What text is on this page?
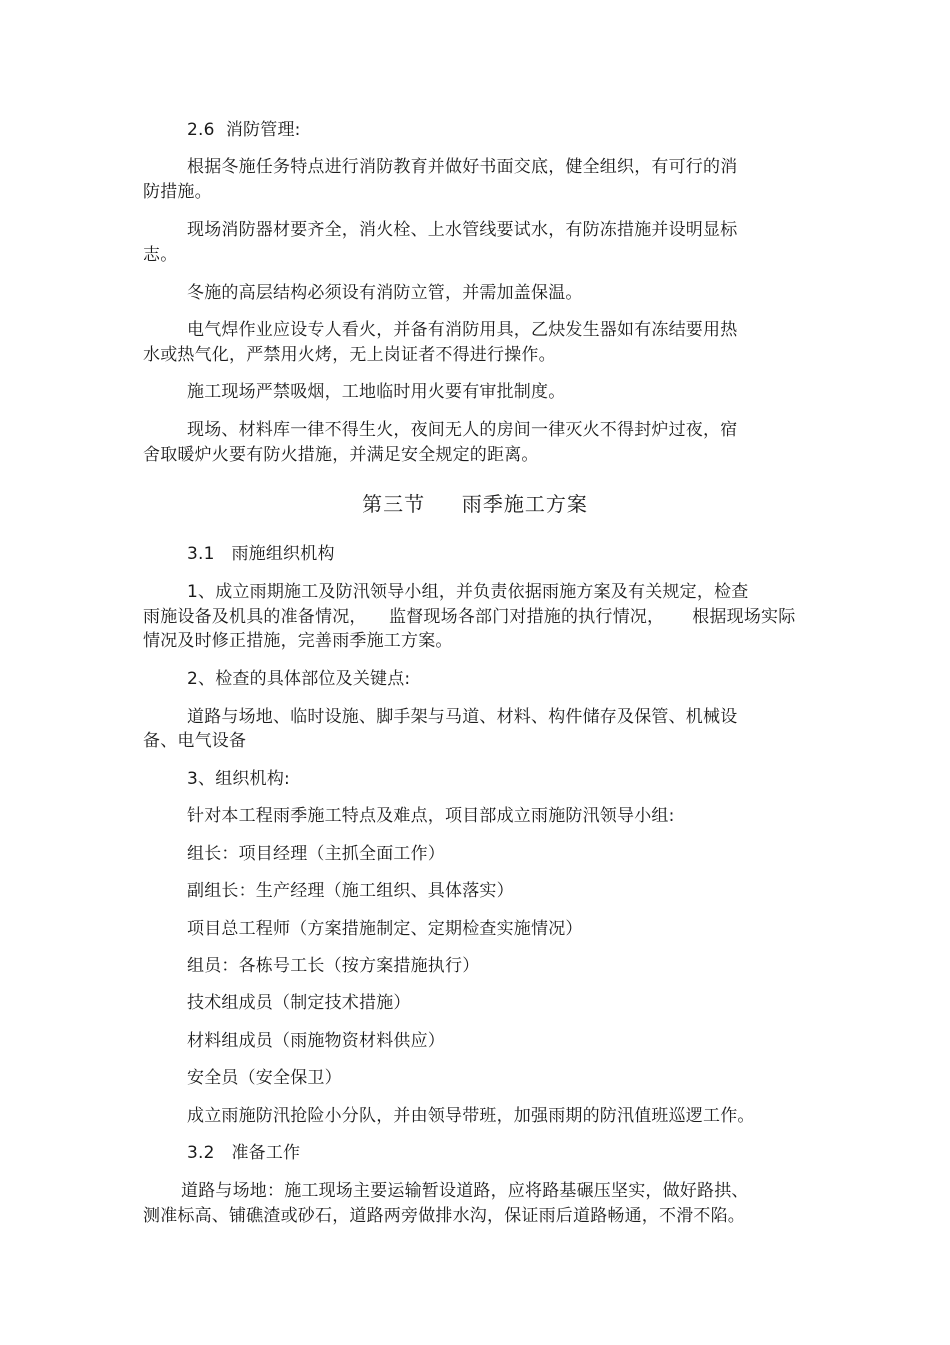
2.6  消防管理:
根据冬施任务特点进行消防教育并做好书面交底，健全组织，有可行的消
防措施。
现场消防器材要齐全，消火栓、上水管线要试水，有防冻措施并设明显标
志。
冬施的高层结构必须设有消防立管，并需加盖保温。
电气焊作业应设专人看火，并备有消防用具，乙炔发生器如有冻结要用热
水或热气化，严禁用火烤，无上岗证者不得进行操作。
施工现场严禁吸烟，工地临时用火要有审批制度。
现场、材料库一律不得生火，夜间无人的房间一律灭火不得封炉过夜，宿
舍取暖炉火要有防火措施，并满足安全规定的距离。
第三节     雨季施工方案
3.1   雨施组织机构
1、成立雨期施工及防汛领导小组，并负责依据雨施方案及有关规定，检查
雨施设备及机具的准备情况，    监督现场各部门对措施的执行情况，     根据现场实际
情况及时修正措施，完善雨季施工方案。
2、检查的具体部位及关键点:
道路与场地、临时设施、脚手架与马道、材料、构件储存及保管、机械设
备、电气设备
3、组织机构:
针对本工程雨季施工特点及难点，项目部成立雨施防汛领导小组:
组长：项目经理（主抓全面工作）
副组长：生产经理（施工组织、具体落实）
项目总工程师（方案措施制定、定期检查实施情况）
组员：各栋号工长（按方案措施执行）
技术组成员（制定技术措施）
材料组成员（雨施物资材料供应）
安全员（安全保卫）
成立雨施防汛抢险小分队，并由领导带班，加强雨期的防汛值班巡逻工作。
3.2   准备工作
道路与场地：施工现场主要运输暂设道路，应将路基碾压坚实，做好路拱、
测准标高、铺礁渣或砂石，道路两旁做排水沟，保证雨后道路畅通，不滑不陷。
